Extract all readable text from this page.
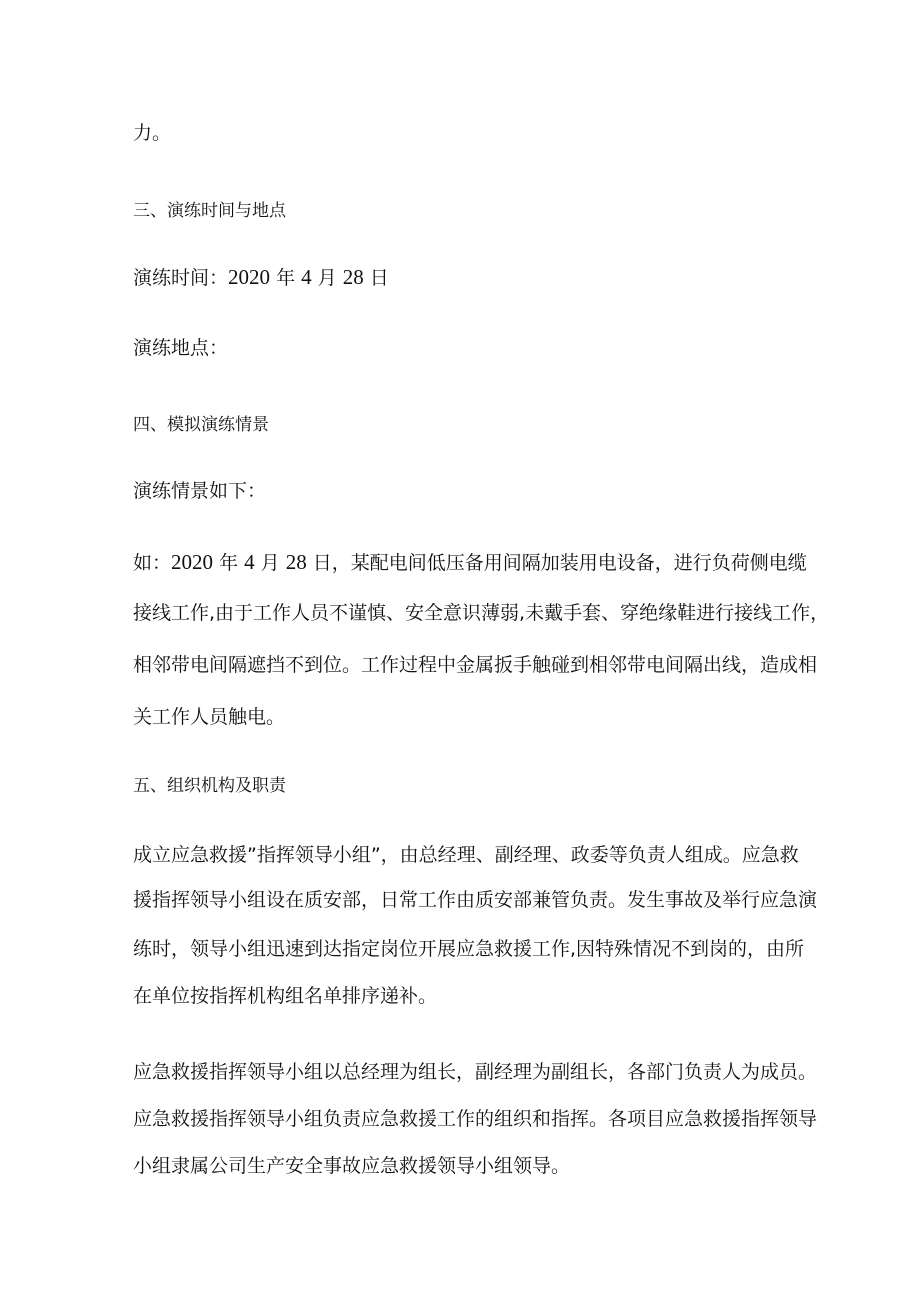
力。

三、演练时间与地点

演练时间：2020 年 4 月 28 日

演练地点：

四、模拟演练情景

演练情景如下：

如：2020 年 4 月 28 日，某配电间低压备用间隔加装用电设备，进行负荷侧电缆

接线工作,由于工作人员不谨慎、安全意识薄弱,未戴手套、穿绝缘鞋进行接线工作，

相邻带电间隔遮挡不到位。工作过程中金属扳手触碰到相邻带电间隔出线，造成相

关工作人员触电。

五、组织机构及职责

成立应急救援”指挥领导小组”，由总经理、副经理、政委等负责人组成。应急救

援指挥领导小组设在质安部，日常工作由质安部兼管负责。发生事故及举行应急演

练时，领导小组迅速到达指定岗位开展应急救援工作,因特殊情况不到岗的，由所

在单位按指挥机构组名单排序递补。

应急救援指挥领导小组以总经理为组长，副经理为副组长，各部门负责人为成员。

应急救援指挥领导小组负责应急救援工作的组织和指挥。各项目应急救援指挥领导

小组隶属公司生产安全事故应急救援领导小组领导。
